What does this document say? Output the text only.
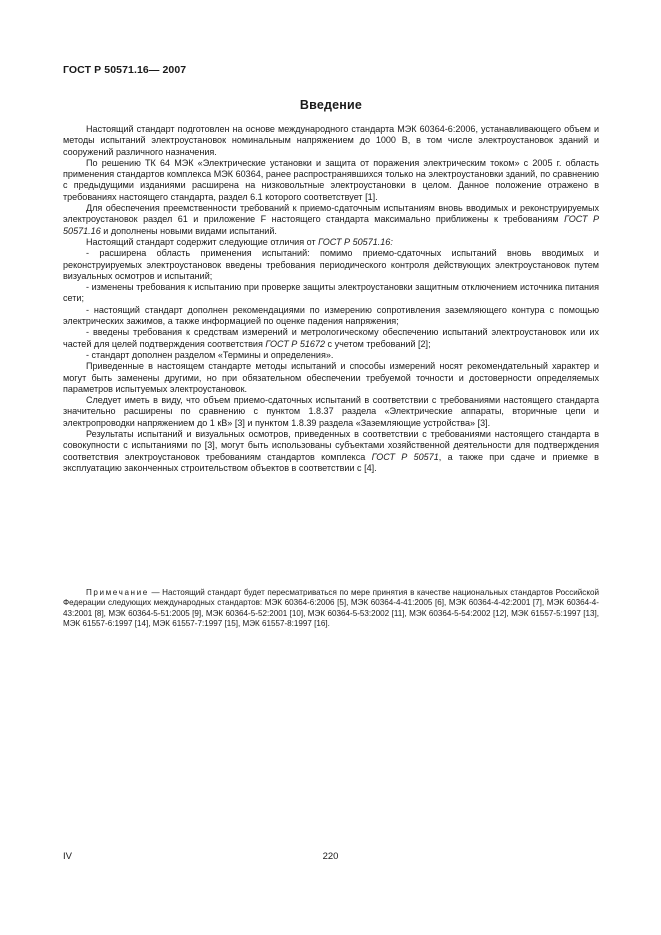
ГОСТ Р 50571.16— 2007
Введение

Настоящий стандарт подготовлен на основе международного стандарта МЭК 60364-6:2006, устанавливающего объем и методы испытаний электроустановок номинальным напряжением до 1000 В, в том числе электроустановок зданий и сооружений различного назначения.

По решению ТК 64 МЭК «Электрические установки и защита от поражения электрическим током» с 2005 г. область применения стандартов комплекса МЭК 60364, ранее распространявшихся только на электроустановки зданий, по сравнению с предыдущими изданиями расширена на низковольтные электроустановки в целом. Данное положение отражено в требованиях настоящего стандарта, раздел 6.1 которого соответствует [1].

Для обеспечения преемственности требований к приемо-сдаточным испытаниям вновь вводимых и реконструируемых электроустановок раздел 61 и приложение F настоящего стандарта максимально приближены к требованиям ГОСТ Р 50571.16 и дополнены новыми видами испытаний.

Настоящий стандарт содержит следующие отличия от ГОСТ Р 50571.16:

- расширена область применения испытаний: помимо приемо-сдаточных испытаний вновь вводимых и реконструируемых электроустановок введены требования периодического контроля действующих электроустановок путем визуальных осмотров и испытаний;

- изменены требования к испытанию при проверке защиты электроустановки защитным отключением источника питания сети;

- настоящий стандарт дополнен рекомендациями по измерению сопротивления заземляющего контура с помощью электрических зажимов, а также информацией по оценке падения напряжения;

- введены требования к средствам измерений и метрологическому обеспечению испытаний электроустановок или их частей для целей подтверждения соответствия ГОСТ Р 51672 с учетом требований [2];

- стандарт дополнен разделом «Термины и определения».

Приведенные в настоящем стандарте методы испытаний и способы измерений носят рекомендательный характер и могут быть заменены другими, но при обязательном обеспечении требуемой точности и достоверности определяемых параметров испытуемых электроустановок.

Следует иметь в виду, что объем приемо-сдаточных испытаний в соответствии с требованиями настоящего стандарта значительно расширены по сравнению с пунктом 1.8.37 раздела «Электрические аппараты, вторичные цепи и электропроводки напряжением до 1 кВ» [3] и пунктом 1.8.39 раздела «Заземляющие устройства» [3].

Результаты испытаний и визуальных осмотров, приведенных в соответствии с требованиями настоящего стандарта в совокупности с испытаниями по [3], могут быть использованы субъектами хозяйственной деятельности для подтверждения соответствия электроустановок требованиям стандартов комплекса ГОСТ Р 50571, а также при сдаче и приемке в эксплуатацию законченных строительством объектов в соответствии с [4].

Примечание — Настоящий стандарт будет пересматриваться по мере принятия в качестве национальных стандартов Российской Федерации следующих международных стандартов: МЭК 60364-6:2006 [5], МЭК 60364-4-41:2005 [6], МЭК 60364-4-42:2001 [7], МЭК 60364-4-43:2001 [8], МЭК 60364-5-51:2005 [9], МЭК 60364-5-52:2001 [10], МЭК 60364-5-53:2002 [11], МЭК 60364-5-54:2002 [12], МЭК 61557-5:1997 [13], МЭК 61557-6:1997 [14], МЭК 61557-7:1997 [15], МЭК 61557-8:1997 [16].

IV	220
